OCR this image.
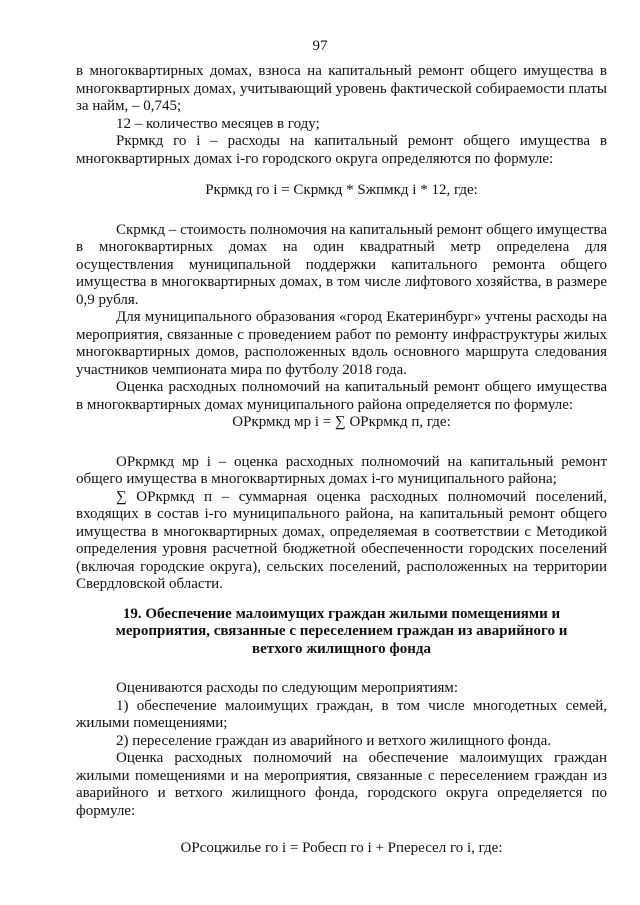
97

в многоквартирных домах, взноса на капитальный ремонт общего имущества в многоквартирных домах, учитывающий уровень фактической собираемости платы за найм, – 0,745;

12 – количество месяцев в году;

Ркрмкд го i – расходы на капитальный ремонт общего имущества в многоквартирных домах i-го городского округа определяются по формуле:

Ркрмкд го i = Скрмкд * Sжпмкд i * 12, где:

Скрмкд – стоимость полномочия на капитальный ремонт общего имущества в многоквартирных домах на один квадратный метр определена для осуществления муниципальной поддержки капитального ремонта общего имущества в многоквартирных домах, в том числе лифтового хозяйства, в размере 0,9 рубля.

Для муниципального образования «город Екатеринбург» учтены расходы на мероприятия, связанные с проведением работ по ремонту инфраструктуры жилых многоквартирных домов, расположенных вдоль основного маршрута следования участников чемпионата мира по футболу 2018 года.

Оценка расходных полномочий на капитальный ремонт общего имущества в многоквартирных домах муниципального района определяется по формуле:

ОРкрмкд мр i = ∑ ОРкрмкд п, где:

ОРкрмкд мр i – оценка расходных полномочий на капитальный ремонт общего имущества в многоквартирных домах i-го муниципального района;

∑ ОРкрмкд п – суммарная оценка расходных полномочий поселений, входящих в состав i-го муниципального района, на капитальный ремонт общего имущества в многоквартирных домах, определяемая в соответствии с Методикой определения уровня расчетной бюджетной обеспеченности городских поселений (включая городские округа), сельских поселений, расположенных на территории Свердловской области.

19. Обеспечение малоимущих граждан жилыми помещениями и мероприятия, связанные с переселением граждан из аварийного и ветхого жилищного фонда

Оцениваются расходы по следующим мероприятиям:

1) обеспечение малоимущих граждан, в том числе многодетных семей, жилыми помещениями;

2) переселение граждан из аварийного и ветхого жилищного фонда.

Оценка расходных полномочий на обеспечение малоимущих граждан жилыми помещениями и на мероприятия, связанные с переселением граждан из аварийного и ветхого жилищного фонда, городского округа определяется по формуле:

ОРсоцжилье го i = Робесп го i + Рпересел го i, где:
